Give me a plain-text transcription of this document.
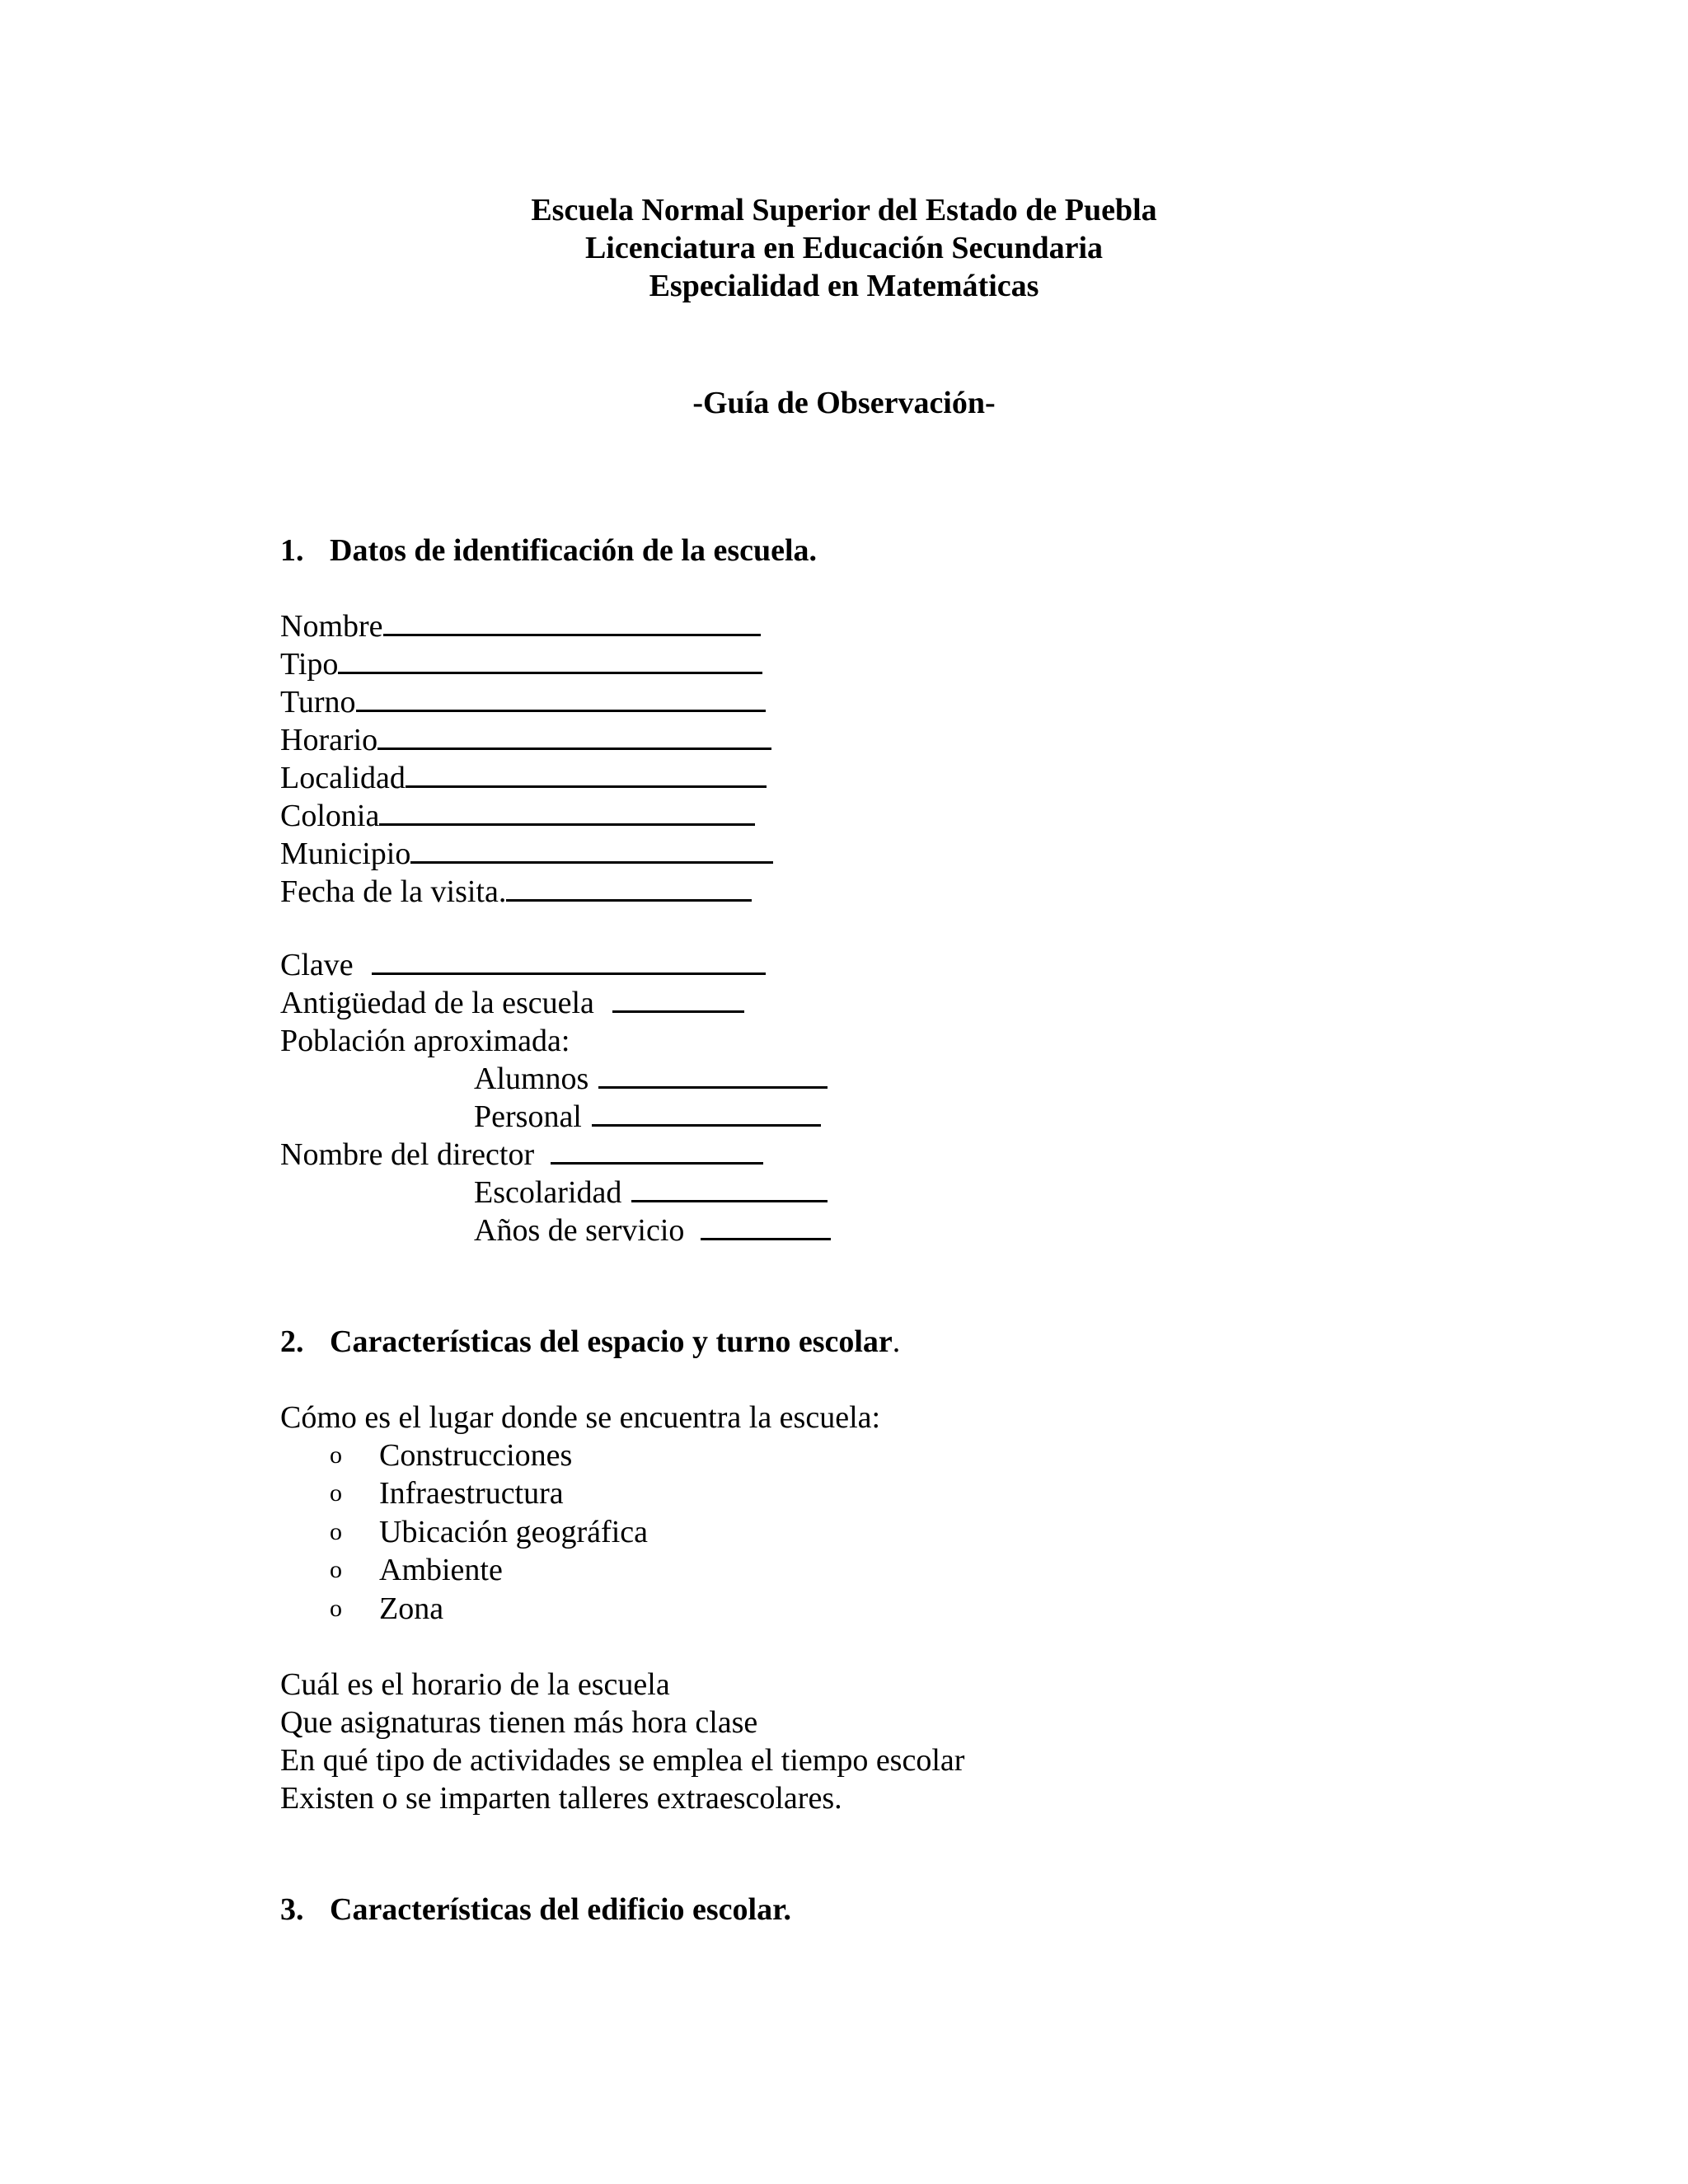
Escuela Normal Superior del Estado de Puebla
Licenciatura en Educación Secundaria
Especialidad en Matemáticas
-Guía de Observación-
1. Datos de identificación de la escuela.
Nombre
Tipo
Turno
Horario
Localidad
Colonia
Municipio
Fecha de la visita.
Clave
Antigüedad de la escuela
Población aproximada:
Alumnos
Personal
Nombre del director
Escolaridad
Años de servicio
2. Características del espacio y turno escolar.
Cómo es el lugar donde se encuentra la escuela:
o Construcciones
o Infraestructura
o Ubicación geográfica
o Ambiente
o Zona
Cuál es el horario de la escuela
Que asignaturas tienen más hora clase
En qué tipo de actividades se emplea el tiempo escolar
Existen o se imparten talleres extraescolares.
3. Características del edificio escolar.
